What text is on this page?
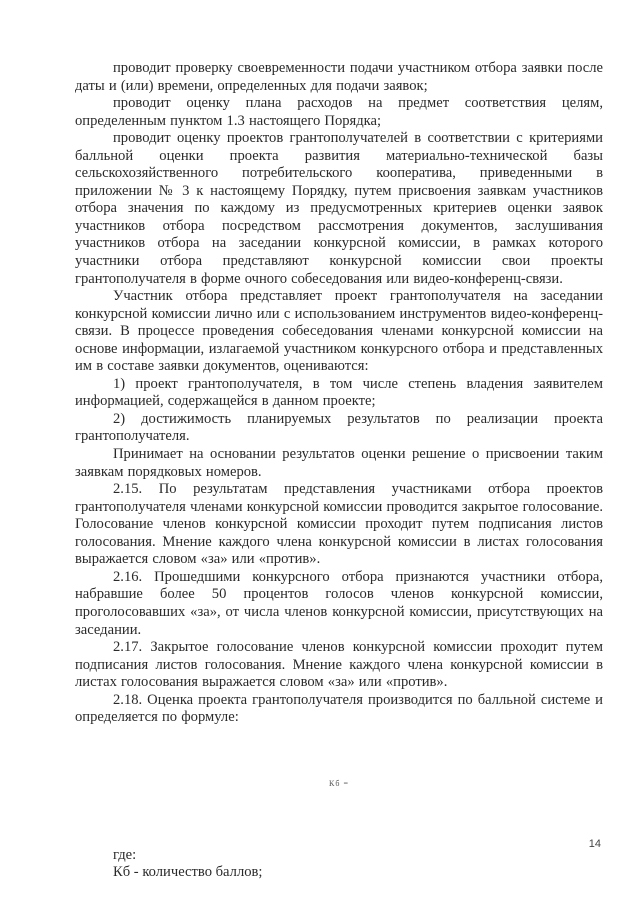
проводит проверку своевременности подачи участником отбора заявки после даты и (или) времени, определенных для подачи заявок;

проводит оценку плана расходов на предмет соответствия целям, определенным пунктом 1.3 настоящего Порядка;

проводит оценку проектов грантополучателей в соответствии с критериями балльной оценки проекта развития материально-технической базы сельскохозяйственного потребительского кооператива, приведенными в приложении № 3 к настоящему Порядку, путем присвоения заявкам участников отбора значения по каждому из предусмотренных критериев оценки заявок участников отбора посредством рассмотрения документов, заслушивания участников отбора на заседании конкурсной комиссии, в рамках которого участники отбора представляют конкурсной комиссии свои проекты грантополучателя в форме очного собеседования или видео-конференц-связи.

Участник отбора представляет проект грантополучателя на заседании конкурсной комиссии лично или с использованием инструментов видео-конференц-связи. В процессе проведения собеседования членами конкурсной комиссии на основе информации, излагаемой участником конкурсного отбора и представленных им в составе заявки документов, оцениваются:

1) проект грантополучателя, в том числе степень владения заявителем информацией, содержащейся в данном проекте;

2) достижимость планируемых результатов по реализации проекта грантополучателя.

Принимает на основании результатов оценки решение о присвоении таким заявкам порядковых номеров.

2.15. По результатам представления участниками отбора проектов грантополучателя членами конкурсной комиссии проводится закрытое голосование. Голосование членов конкурсной комиссии проходит путем подписания листов голосования. Мнение каждого члена конкурсной комиссии в листах голосования выражается словом «за» или «против».

2.16. Прошедшими конкурсного отбора признаются участники отбора, набравшие более 50 процентов голосов членов конкурсной комиссии, проголосовавших «за», от числа членов конкурсной комиссии, присутствующих на заседании.

2.17. Закрытое голосование членов конкурсной комиссии проходит путем подписания листов голосования. Мнение каждого члена конкурсной комиссии в листах голосования выражается словом «за» или «против».

2.18. Оценка проекта грантополучателя производится по балльной системе и определяется по формуле:

Кб =

где:

Кб - количество баллов;

14
